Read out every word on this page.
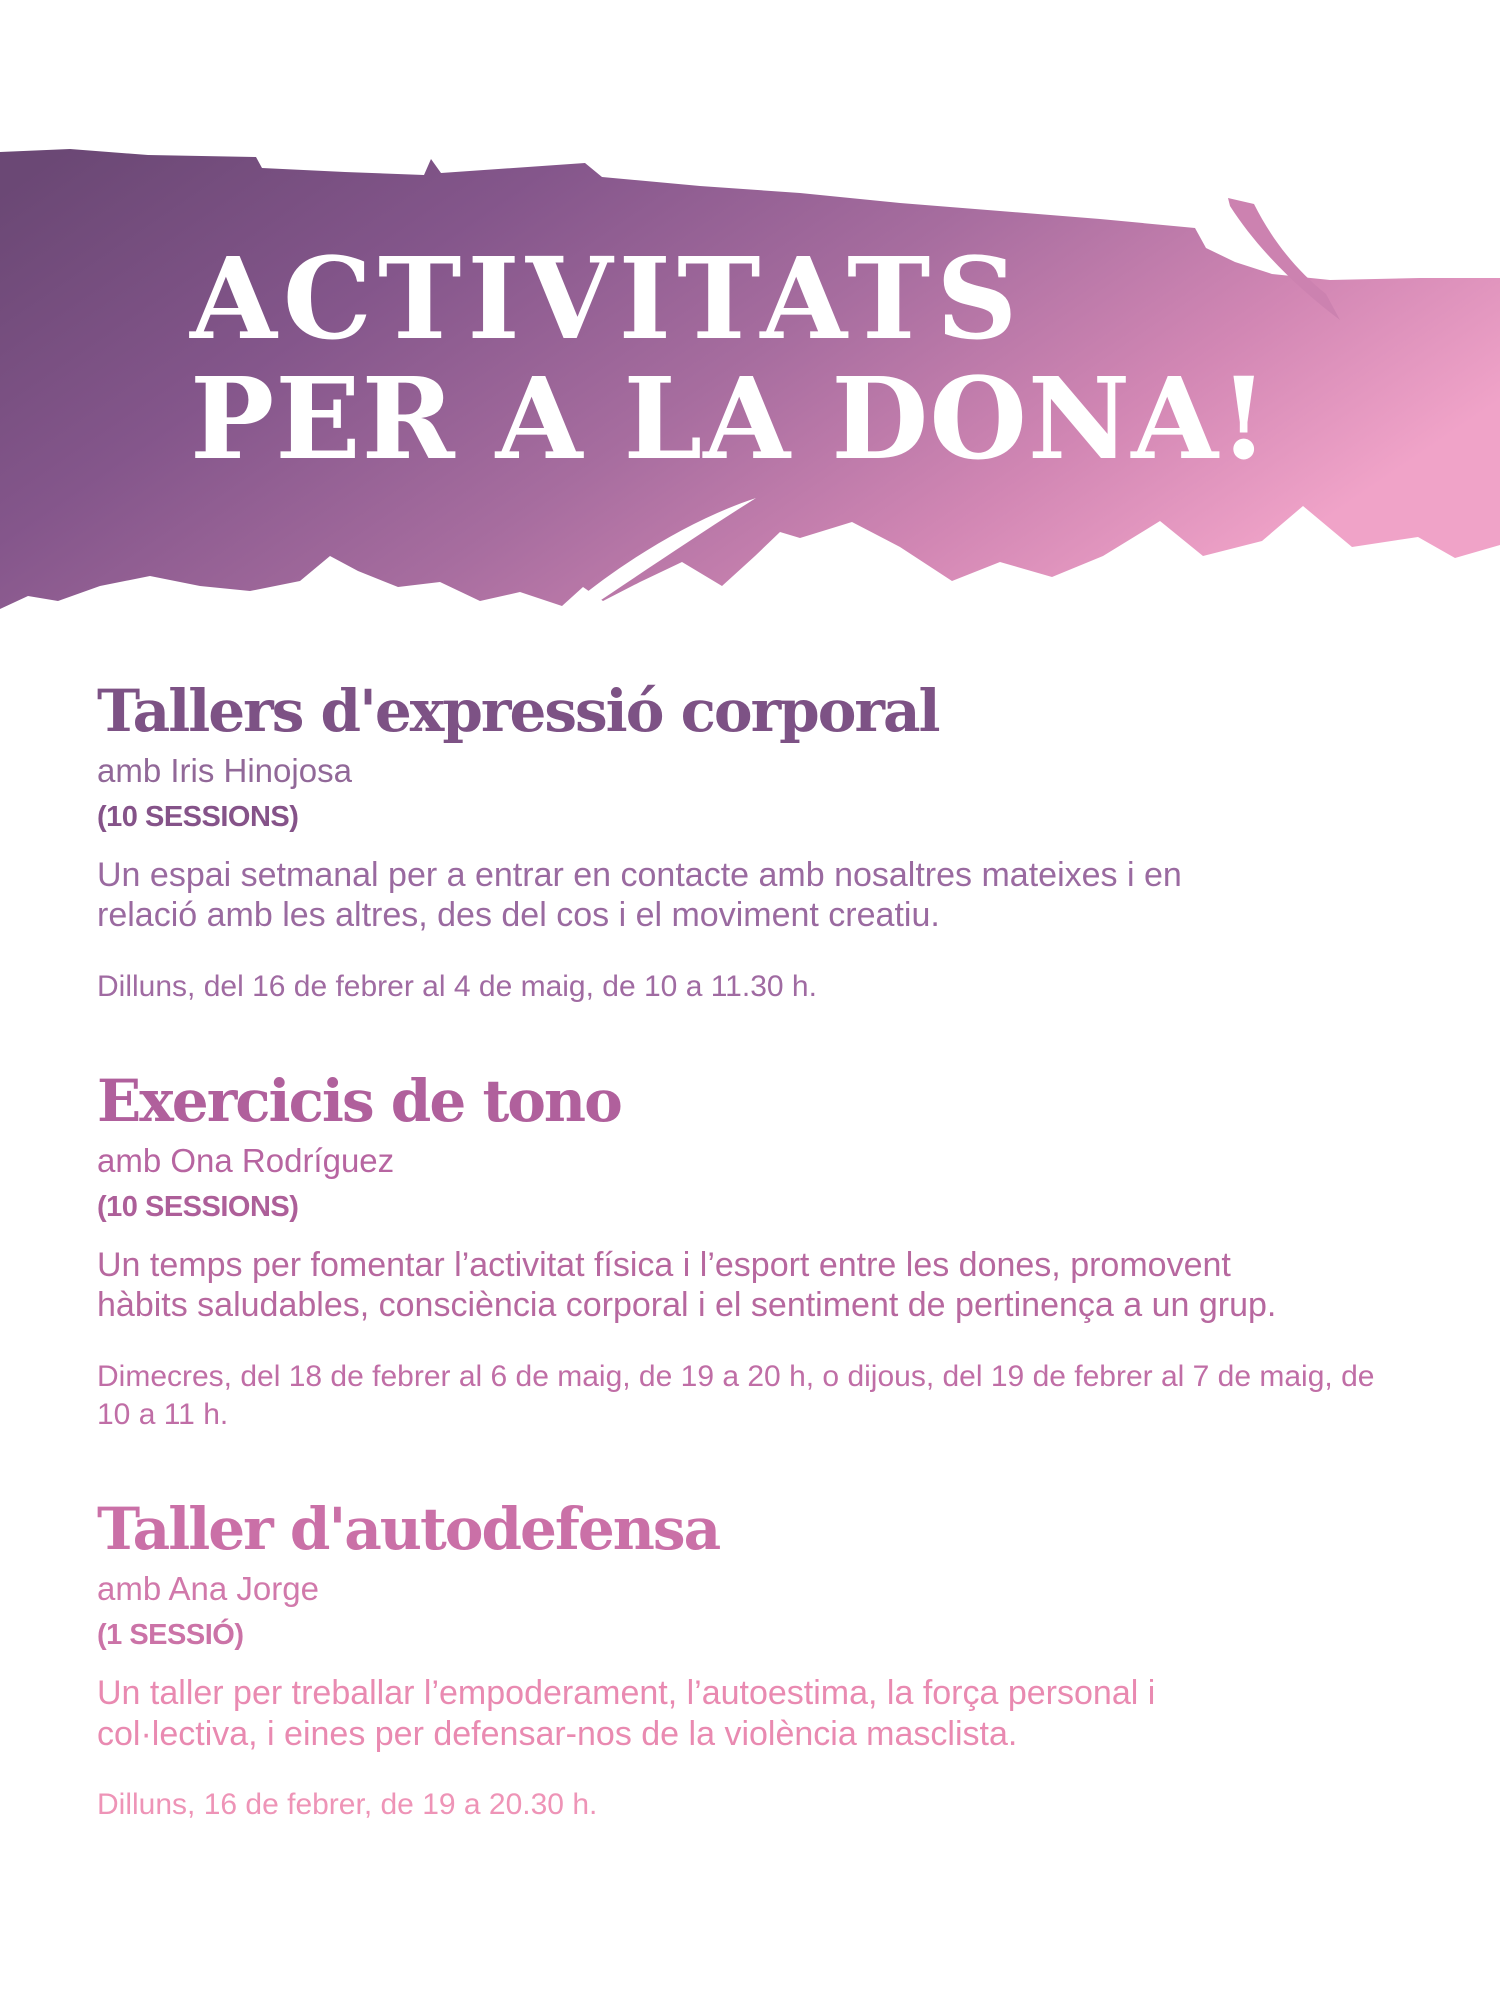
ACTIVITATS
PER A LA DONA!
Tallers d'expressió corporal
amb Iris Hinojosa
(10 SESSIONS)
Un espai setmanal per a entrar en contacte amb nosaltres mateixes i en relació amb les altres, des del cos i el moviment creatiu.
Dilluns, del 16 de febrer al 4 de maig, de 10 a 11.30 h.
Exercicis de tono
amb Ona Rodríguez
(10 SESSIONS)
Un temps per fomentar l’activitat física i l’esport entre les dones, promovent hàbits saludables, consciència corporal i el sentiment de pertinença a un grup.
Dimecres, del 18 de febrer al 6 de maig, de 19 a 20 h, o dijous, del 19 de febrer al 7 de maig, de 10 a 11 h.
Taller d'autodefensa
amb Ana Jorge
(1 SESSIÓ)
Un taller per treballar l’empoderament, l’autoestima, la força personal i col·lectiva, i eines per defensar-nos de la violència masclista.
Dilluns, 16 de febrer, de 19 a 20.30 h.
